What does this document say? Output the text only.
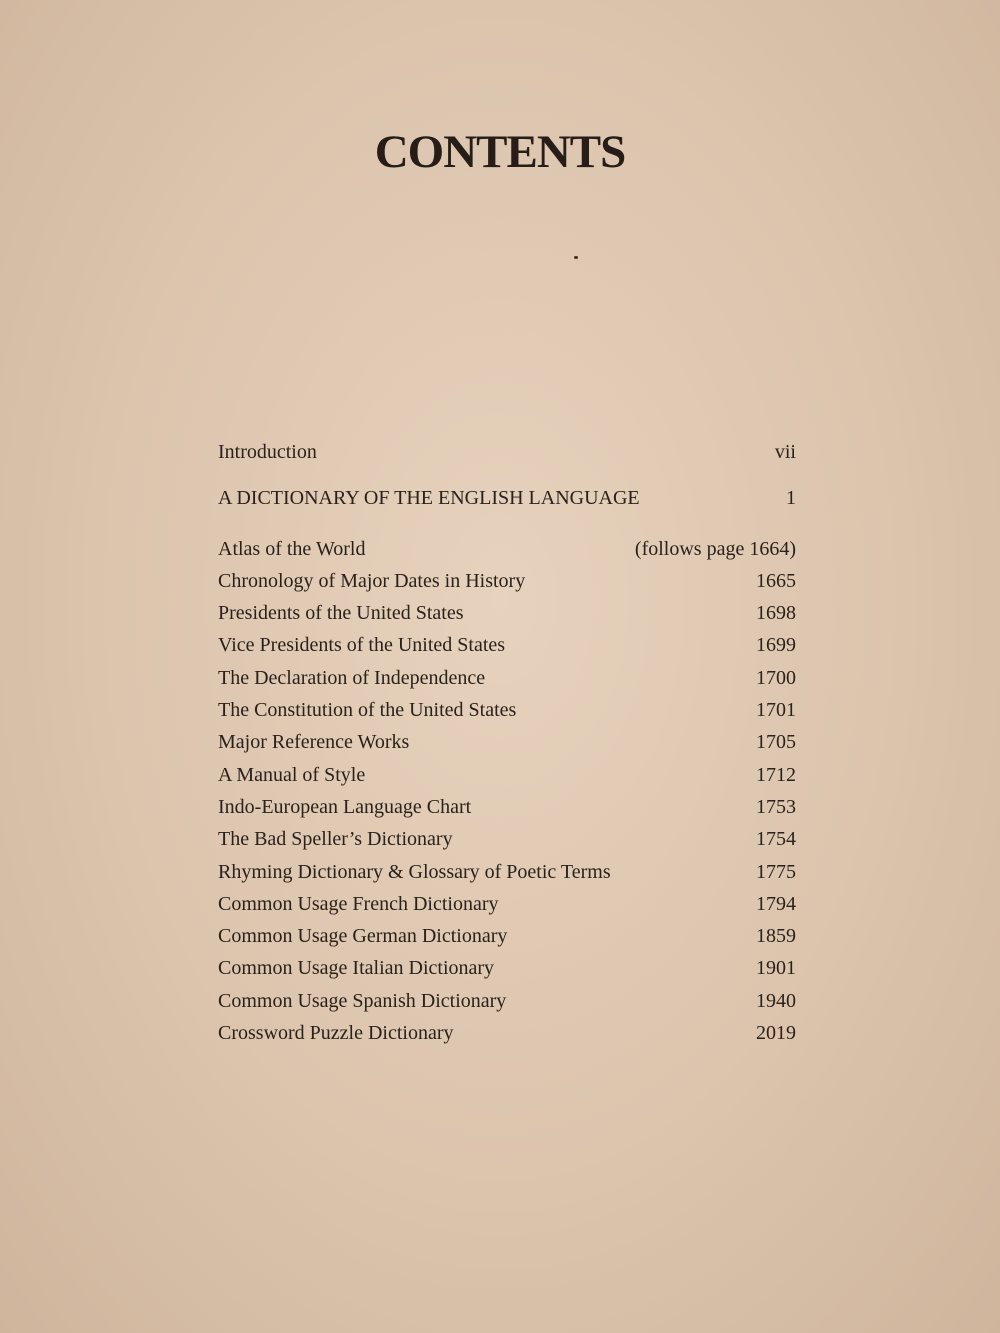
CONTENTS
Introduction	vii
A DICTIONARY OF THE ENGLISH LANGUAGE	1
Atlas of the World	(follows page 1664)
Chronology of Major Dates in History	1665
Presidents of the United States	1698
Vice Presidents of the United States	1699
The Declaration of Independence	1700
The Constitution of the United States	1701
Major Reference Works	1705
A Manual of Style	1712
Indo-European Language Chart	1753
The Bad Speller’s Dictionary	1754
Rhyming Dictionary & Glossary of Poetic Terms	1775
Common Usage French Dictionary	1794
Common Usage German Dictionary	1859
Common Usage Italian Dictionary	1901
Common Usage Spanish Dictionary	1940
Crossword Puzzle Dictionary	2019
